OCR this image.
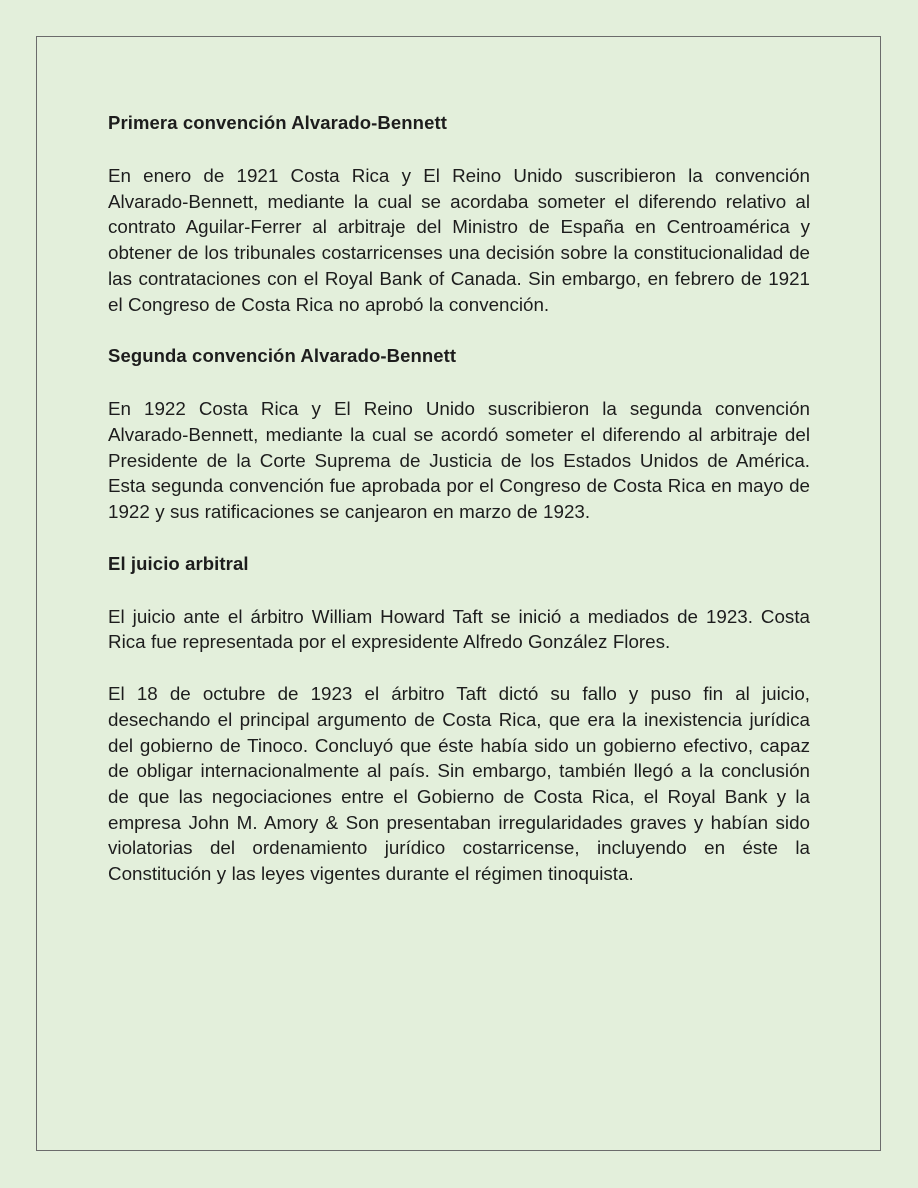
Primera convención Alvarado-Bennett

En enero de 1921 Costa Rica y El Reino Unido suscribieron la convención Alvarado-Bennett, mediante la cual se acordaba someter el diferendo relativo al contrato Aguilar-Ferrer al arbitraje del Ministro de España en Centroamérica y obtener de los tribunales costarricenses una decisión sobre la constitucionalidad de las contrataciones con el Royal Bank of Canada. Sin embargo, en febrero de 1921 el Congreso de Costa Rica no aprobó la convención.

Segunda convención Alvarado-Bennett

En 1922 Costa Rica y El Reino Unido suscribieron la segunda convención Alvarado-Bennett, mediante la cual se acordó someter el diferendo al arbitraje del Presidente de la Corte Suprema de Justicia de los Estados Unidos de América. Esta segunda convención fue aprobada por el Congreso de Costa Rica en mayo de 1922 y sus ratificaciones se canjearon en marzo de 1923.

El juicio arbitral

El juicio ante el árbitro William Howard Taft se inició a mediados de 1923. Costa Rica fue representada por el expresidente Alfredo González Flores.

El 18 de octubre de 1923 el árbitro Taft dictó su fallo y puso fin al juicio, desechando el principal argumento de Costa Rica, que era la inexistencia jurídica del gobierno de Tinoco. Concluyó que éste había sido un gobierno efectivo, capaz de obligar internacionalmente al país. Sin embargo, también llegó a la conclusión de que las negociaciones entre el Gobierno de Costa Rica, el Royal Bank y la empresa John M. Amory & Son presentaban irregularidades graves y habían sido violatorias del ordenamiento jurídico costarricense, incluyendo en éste la Constitución y las leyes vigentes durante el régimen tinoquista.
